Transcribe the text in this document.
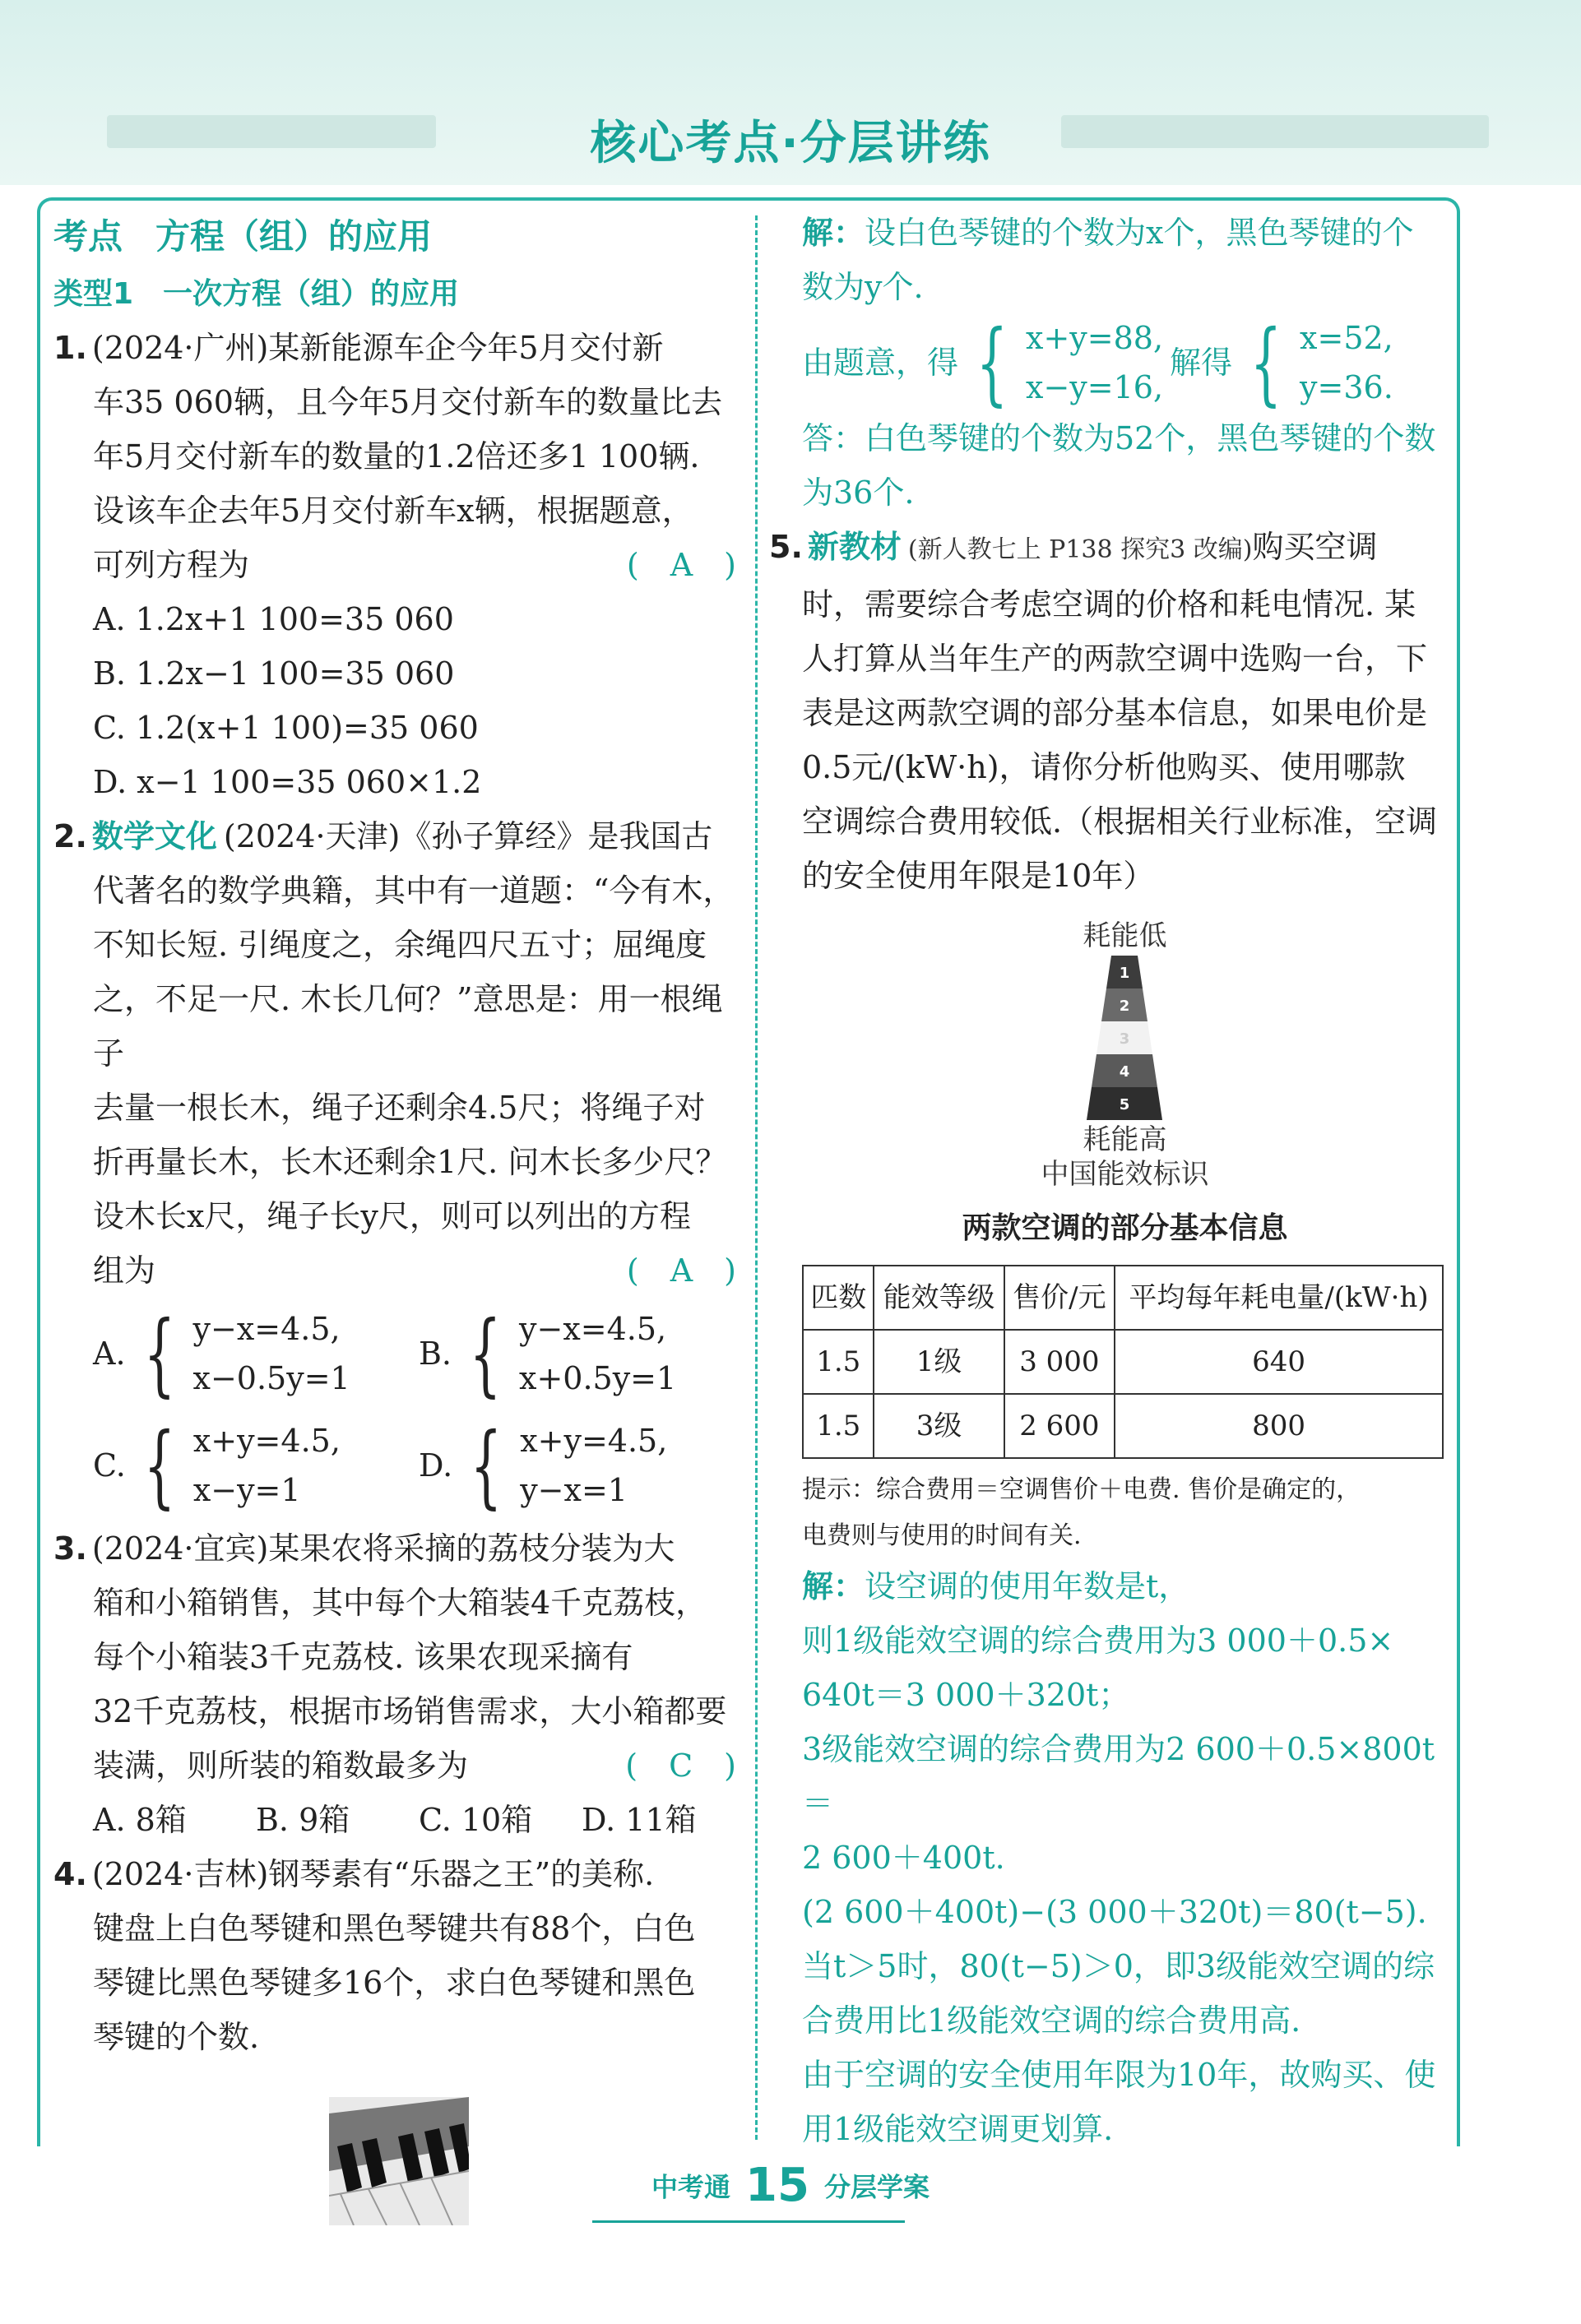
核心考点·分层讲练

考点 方程（组）的应用

类型1　一次方程（组）的应用

1. (2024·广州)某新能源车企今年5月交付新

车35 060辆，且今年5月交付新车的数量比去

年5月交付新车的数量的1.2倍还多1 100辆.

设该车企去年5月交付新车x辆，根据题意，

可列方程为	(　A　)

A. 1.2x+1 100=35 060

B. 1.2x−1 100=35 060

C. 1.2(x+1 100)=35 060

D. x−1 100=35 060×1.2

2. 数学文化 (2024·天津)《孙子算经》是我国古

代著名的数学典籍，其中有一道题：“今有木，

不知长短. 引绳度之，余绳四尺五寸；屈绳度

之，不足一尺. 木长几何？”意思是：用一根绳子

去量一根长木，绳子还剩余4.5尺；将绳子对

折再量长木，长木还剩余1尺. 问木长多少尺？

设木长x尺，绳子长y尺，则可以列出的方程

组为	(　A　)

A. { y−x=4.5,
x−0.5y=1
B. { y−x=4.5,
x+0.5y=1
C. { x+y=4.5,
x−y=1
D. { x+y=4.5,
y−x=1

3. (2024·宜宾)某果农将采摘的荔枝分装为大

箱和小箱销售，其中每个大箱装4千克荔枝，

每个小箱装3千克荔枝. 该果农现采摘有

32千克荔枝，根据市场销售需求，大小箱都要

装满，则所装的箱数最多为	(　C　)

A. 8箱	B. 9箱	C. 10箱	D. 11箱

4. (2024·吉林)钢琴素有“乐器之王”的美称.

键盘上白色琴键和黑色琴键共有88个，白色

琴键比黑色琴键多16个，求白色琴键和黑色

琴键的个数.

解：设白色琴键的个数为x个，黑色琴键的个

数为y个.

由题意，得 { x+y=88,
x−y=16,
解得 { x=52,
y=36.

答：白色琴键的个数为52个，黑色琴键的个数

为36个.

5. 新教材 (新人教七上 P138 探究3 改编)购买空调

时，需要综合考虑空调的价格和耗电情况. 某

人打算从当年生产的两款空调中选购一台，下

表是这两款空调的部分基本信息，如果电价是

0.5元/(kW·h)，请你分析他购买、使用哪款

空调综合费用较低.（根据相关行业标准，空调

的安全使用年限是10年）

耗能低
1
2
3
4
5
耗能高
中国能效标识
两款空调的部分基本信息
匹数	能效等级	售价/元	平均每年耗电量/(kW·h)
1.5	1级	3 000	640
1.5	3级	2 600	800

提示：综合费用＝空调售价＋电费. 售价是确定的，

电费则与使用的时间有关.

解：设空调的使用年数是t，

则1级能效空调的综合费用为3 000＋0.5×

640t＝3 000＋320t；

3级能效空调的综合费用为2 600＋0.5×800t＝

2 600＋400t.

(2 600＋400t)−(3 000＋320t)＝80(t−5).

当t＞5时，80(t−5)＞0，即3级能效空调的综

合费用比1级能效空调的综合费用高.

由于空调的安全使用年限为10年，故购买、使

用1级能效空调更划算.

中考通 15 分层学案
